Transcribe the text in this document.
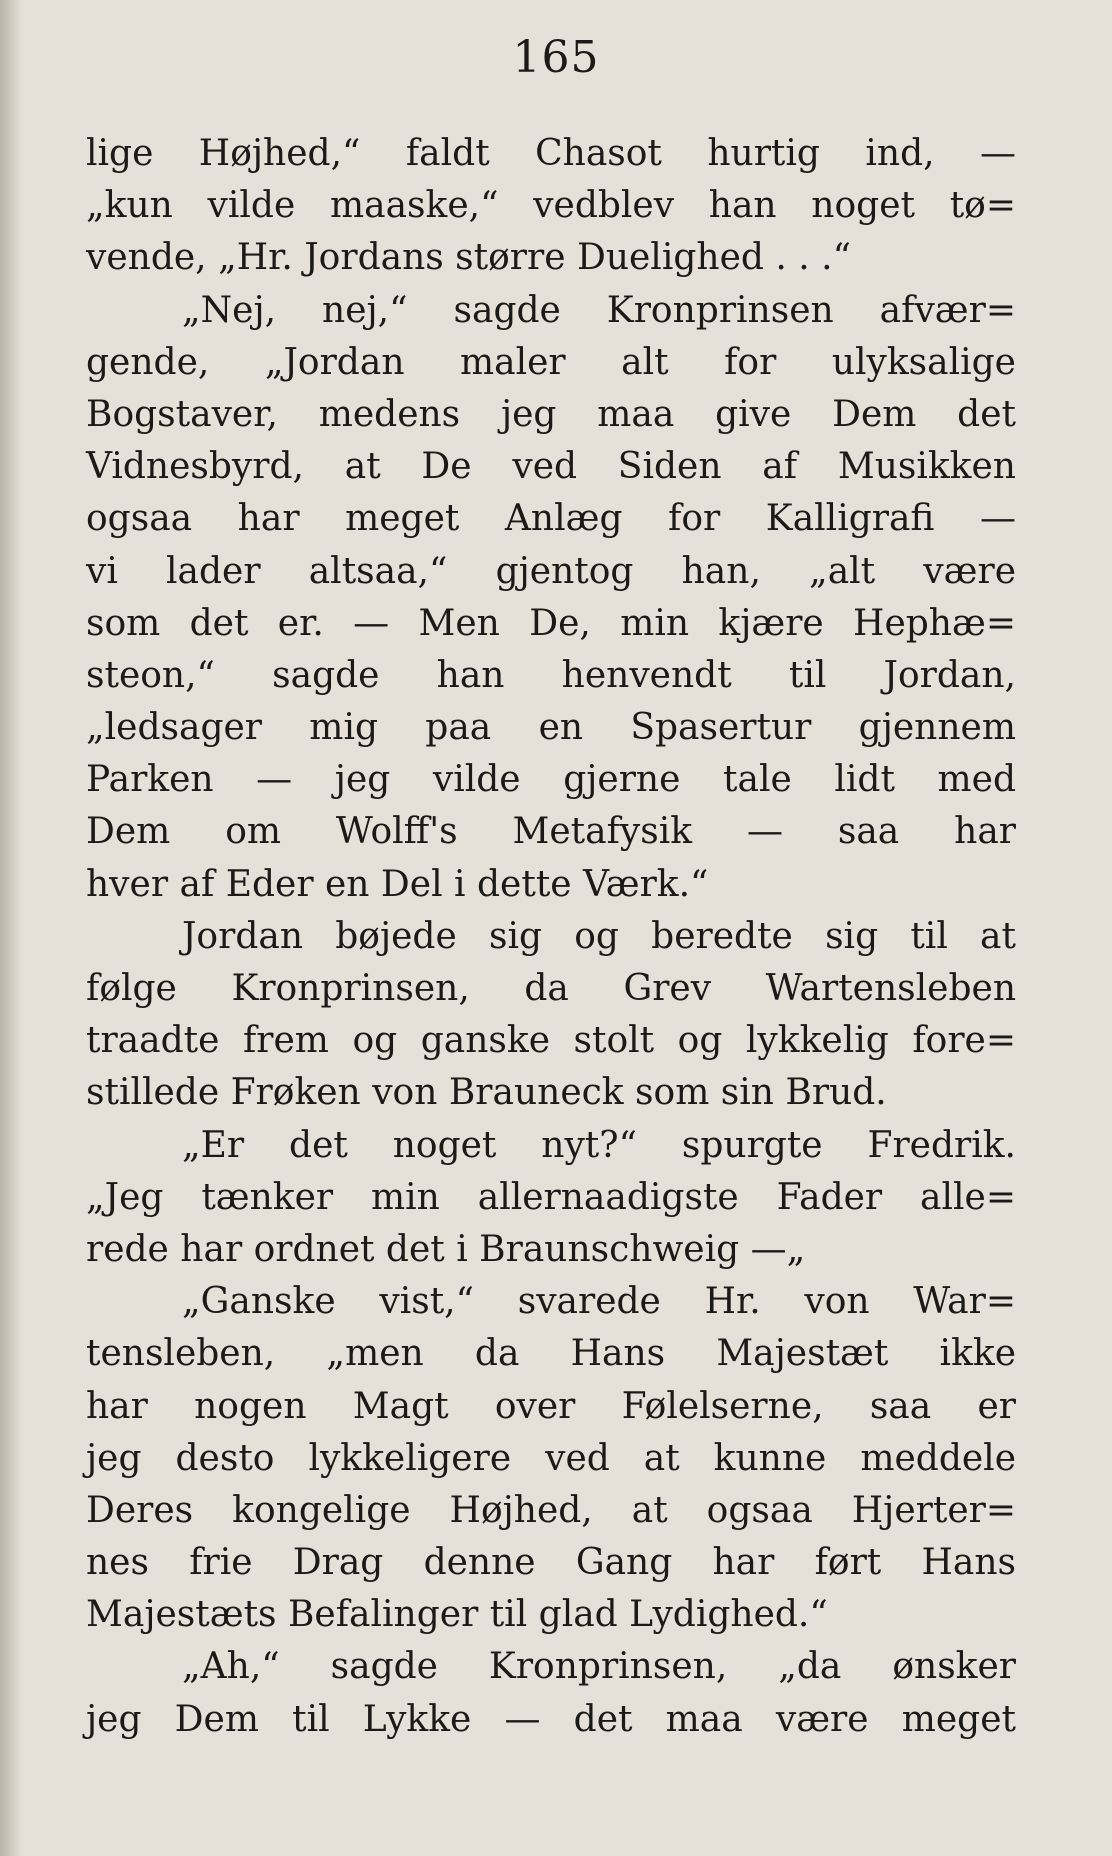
165
lige Højhed,“ faldt Chasot hurtig ind, —
„kun vilde maaske,“ vedblev han noget tø=
vende, „Hr. Jordans større Duelighed . . .“
„Nej, nej,“ sagde Kronprinsen afvær=
gende, „Jordan maler alt for ulyksalige
Bogstaver, medens jeg maa give Dem det
Vidnesbyrd, at De ved Siden af Musikken
ogsaa har meget Anlæg for Kalligrafi —
vi lader altsaa,“ gjentog han, „alt være
som det er. — Men De, min kjære Hephæ=
steon,“ sagde han henvendt til Jordan,
„ledsager mig paa en Spasertur gjennem
Parken — jeg vilde gjerne tale lidt med
Dem om Wolff's Metafysik — saa har
hver af Eder en Del i dette Værk.“
Jordan bøjede sig og beredte sig til at
følge Kronprinsen, da Grev Wartensleben
traadte frem og ganske stolt og lykkelig fore=
stillede Frøken von Brauneck som sin Brud.
„Er det noget nyt?“ spurgte Fredrik.
„Jeg tænker min allernaadigste Fader alle=
rede har ordnet det i Braunschweig —„
„Ganske vist,“ svarede Hr. von War=
tensleben, „men da Hans Majestæt ikke
har nogen Magt over Følelserne, saa er
jeg desto lykkeligere ved at kunne meddele
Deres kongelige Højhed, at ogsaa Hjerter=
nes frie Drag denne Gang har ført Hans
Majestæts Befalinger til glad Lydighed.“
„Ah,“ sagde Kronprinsen, „da ønsker
jeg Dem til Lykke — det maa være meget
